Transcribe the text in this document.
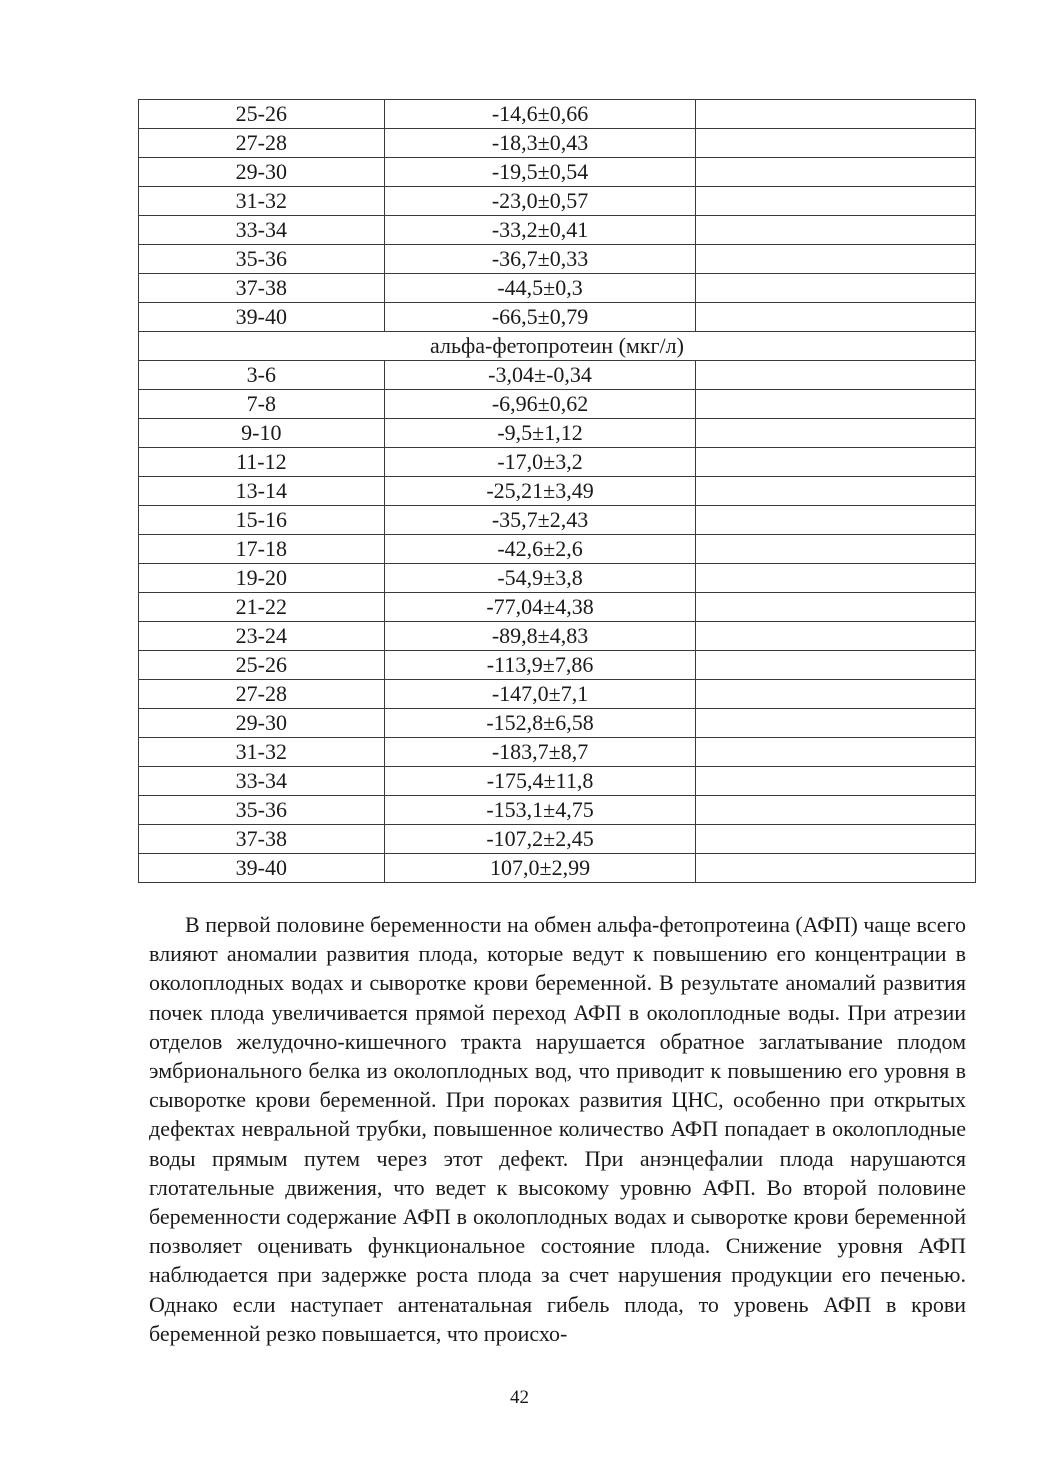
25-26	-14,6±0,66	
27-28	-18,3±0,43	
29-30	-19,5±0,54	
31-32	-23,0±0,57	
33-34	-33,2±0,41	
35-36	-36,7±0,33	
37-38	-44,5±0,3	
39-40	-66,5±0,79	
альфа-фетопротеин (мкг/л)		
3-6	-3,04±-0,34	
7-8	-6,96±0,62	
9-10	-9,5±1,12	
11-12	-17,0±3,2	
13-14	-25,21±3,49	
15-16	-35,7±2,43	
17-18	-42,6±2,6	
19-20	-54,9±3,8	
21-22	-77,04±4,38	
23-24	-89,8±4,83	
25-26	-113,9±7,86	
27-28	-147,0±7,1	
29-30	-152,8±6,58	
31-32	-183,7±8,7	
33-34	-175,4±11,8	
35-36	-153,1±4,75	
37-38	-107,2±2,45	
39-40	107,0±2,99	

В первой половине беременности на обмен альфа-фетопротеина (АФП) чаще всего влияют аномалии развития плода, которые ведут к повышению его концентрации в околоплодных водах и сыворотке крови беременной. В результате аномалий развития почек плода увеличивается прямой переход АФП в околоплодные воды. При атрезии отделов желудочно-кишечного тракта нарушается обратное заглатывание плодом эмбрионального белка из околоплодных вод, что приводит к повышению его уровня в сыворотке крови беременной. При пороках развития ЦНС, особенно при открытых дефектах невральной трубки, повышенное количество АФП попадает в околоплодные воды прямым путем через этот дефект. При анэнцефалии плода нарушаются глотательные движения, что ведет к высокому уровню АФП. Во второй половине беременности содержание АФП в околоплодных водах и сыворотке крови беременной позволяет оценивать функциональное состояние плода. Снижение уровня АФП наблюдается при задержке роста плода за счет нарушения продукции его печенью. Однако если наступает антенатальная гибель плода, то уровень АФП в крови беременной резко повышается, что происхо-

42
